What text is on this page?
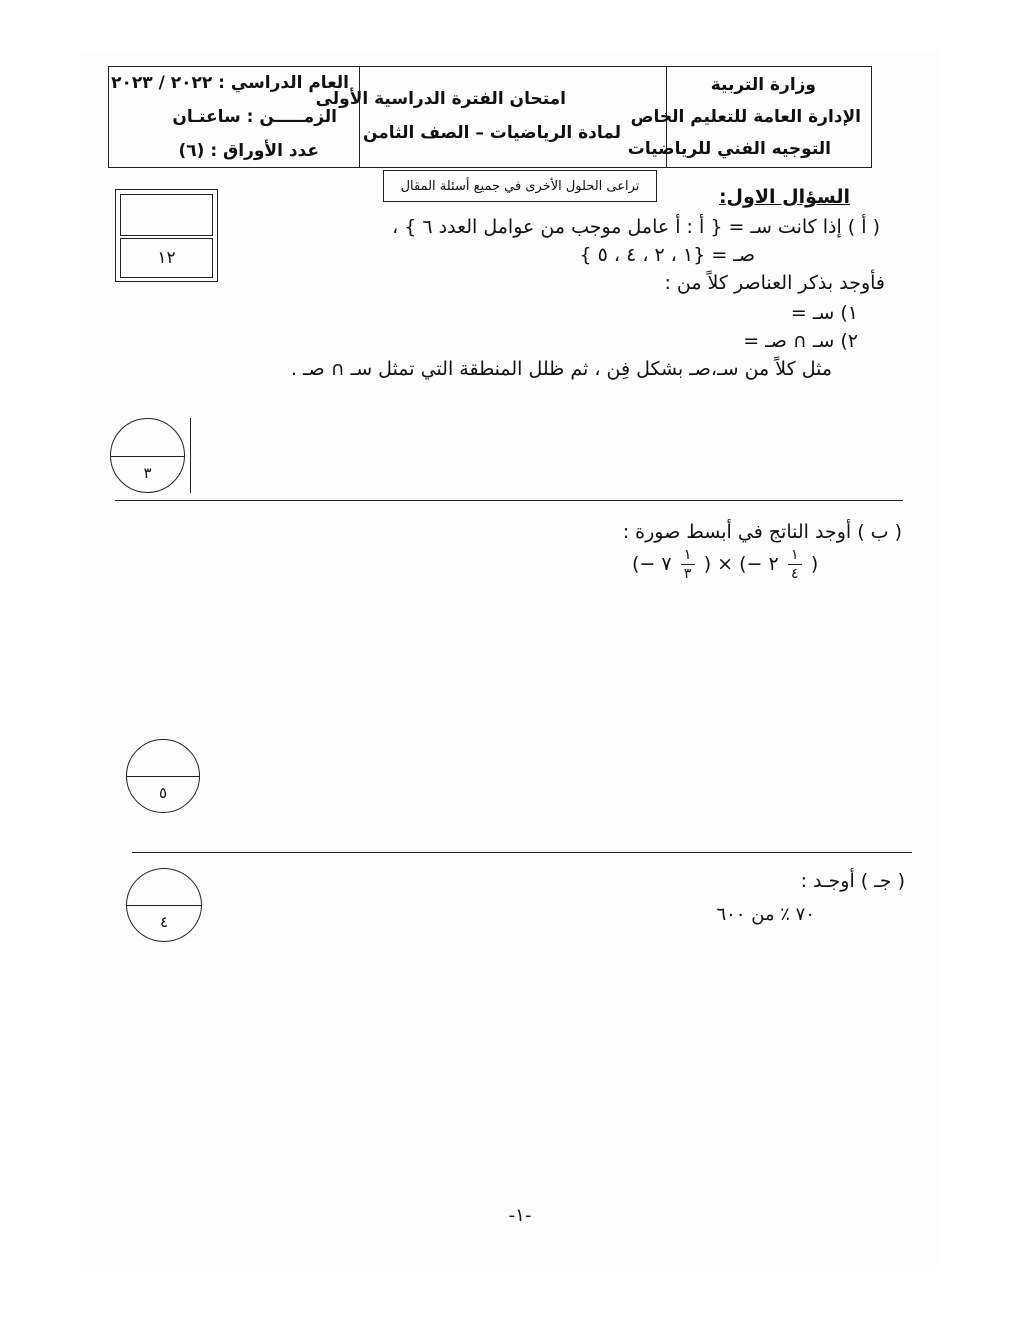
وزارة التربية
الإدارة العامة للتعليم الخاص
التوجيه الفني للرياضيات
امتحان الفترة الدراسية الأولى
لمادة الرياضيات – الصف الثامن
العام الدراسي : ٢٠٢٢ / ٢٠٢٣
الزمـــــن : ساعتـان
عدد الأوراق : (٦)
تراعى الحلول الأخرى في جميع أسئلة المقال
١٢
السؤال الاول:
( أ ) إذا كانت سـ = { أ : أ عامل موجب من عوامل العدد ٦ } ،
صـ = {١ ، ٢ ، ٤ ، ٥ }
فأوجد بذكر العناصر كلاً من :
١) سـ =
٢) سـ ∩ صـ =
مثل كلاً من سـ،صـ بشكل فِن ، ثم ظلل المنطقة التي تمثل سـ ∩ صـ .
٣
( ب ) أوجد الناتج في أبسط صورة :
(− ٧ $\frac{١}{٣}$ ) × (− ٢ $\frac{١}{٤}$ )
٥
٤
( جـ ) أوجـد :
٧٠ ٪ من ٦٠٠
-١-
